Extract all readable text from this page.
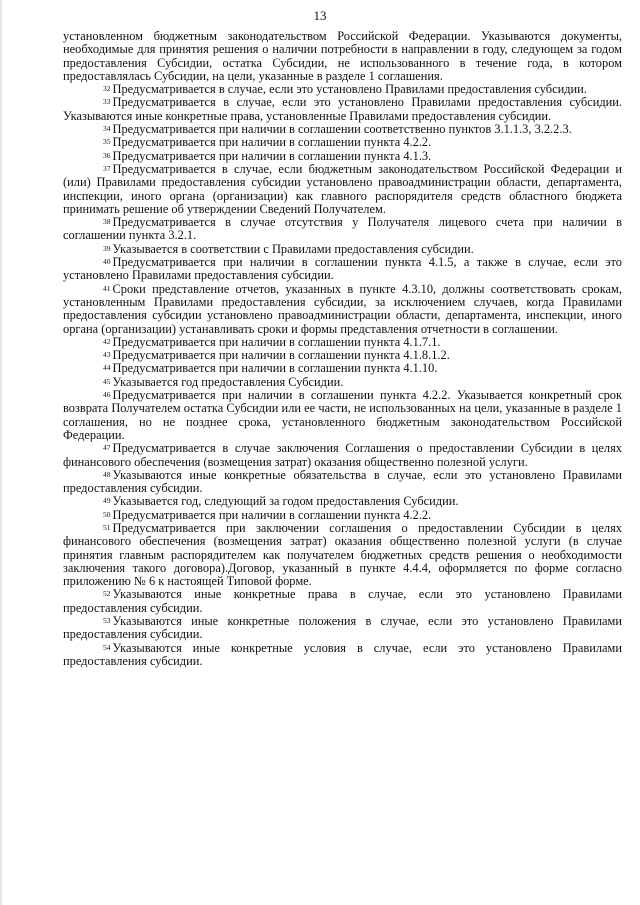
13

установленном бюджетным законодательством Российской Федерации. Указываются документы, необходимые для принятия решения о наличии потребности в направлении в году, следующем за годом предоставления Субсидии, остатка Субсидии, не использованного в течение года, в котором предоставлялась Субсидии, на цели, указанные в разделе 1 соглашения.

$^{32}$ Предусматривается в случае, если это установлено Правилами предоставления субсидии.

$^{33}$ Предусматривается в случае, если это установлено Правилами предоставления субсидии. Указываются иные конкретные права, установленные Правилами предоставления субсидии.

$^{34}$ Предусматривается при наличии в соглашении соответственно пунктов 3.1.1.3, 3.2.2.3.

$^{35}$ Предусматривается при наличии в соглашении пункта 4.2.2.

$^{36}$ Предусматривается при наличии в соглашении пункта 4.1.3.

$^{37}$ Предусматривается в случае, если бюджетным законодательством Российской Федерации и (или) Правилами предоставления субсидии установлено правоадминистрации области, департамента, инспекции, иного органа (организации) как главного распорядителя средств областного бюджета принимать решение об утверждении Сведений Получателем.

$^{38}$ Предусматривается в случае отсутствия у Получателя лицевого счета при наличии в соглашении пункта 3.2.1.

$^{39}$ Указывается в соответствии с Правилами предоставления субсидии.

$^{40}$ Предусматривается при наличии в соглашении пункта 4.1.5, а также в случае, если это установлено Правилами предоставления субсидии.

$^{41}$ Сроки представление отчетов, указанных в пункте 4.3.10, должны соответствовать срокам, установленным Правилами предоставления субсидии, за исключением случаев, когда Правилами предоставления субсидии установлено правоадминистрации области, департамента, инспекции, иного органа (организации) устанавливать сроки и формы представления отчетности в соглашении.

$^{42}$ Предусматривается при наличии в соглашении пункта 4.1.7.1.

$^{43}$ Предусматривается при наличии в соглашении пункта 4.1.8.1.2.

$^{44}$ Предусматривается при наличии в соглашении пункта 4.1.10.

$^{45}$ Указывается год предоставления Субсидии.

$^{46}$ Предусматривается при наличии в соглашении пункта 4.2.2. Указывается конкретный срок возврата Получателем остатка Субсидии или ее части, не использованных на цели, указанные в разделе 1 соглашения, но не позднее срока, установленного бюджетным законодательством Российской Федерации.

$^{47}$ Предусматривается в случае заключения Соглашения о предоставлении Субсидии в целях финансового обеспечения (возмещения затрат) оказания общественно полезной услуги.

$^{48}$ Указываются иные конкретные обязательства в случае, если это установлено Правилами предоставления субсидии.

$^{49}$ Указывается год, следующий за годом предоставления Субсидии.

$^{50}$ Предусматривается при наличии в соглашении пункта 4.2.2.

$^{51}$ Предусматривается при заключении соглашения о предоставлении Субсидии в целях финансового обеспечения (возмещения затрат) оказания общественно полезной услуги (в случае принятия главным распорядителем как получателем бюджетных средств решения о необходимости заключения такого договора).Договор, указанный в пункте 4.4.4, оформляется по форме согласно приложению № 6 к настоящей Типовой форме.

$^{52}$ Указываются иные конкретные права в случае, если это установлено Правилами предоставления субсидии.

$^{53}$ Указываются иные конкретные положения в случае, если это установлено Правилами предоставления субсидии.

$^{54}$ Указываются иные конкретные условия в случае, если это установлено Правилами предоставления субсидии.
